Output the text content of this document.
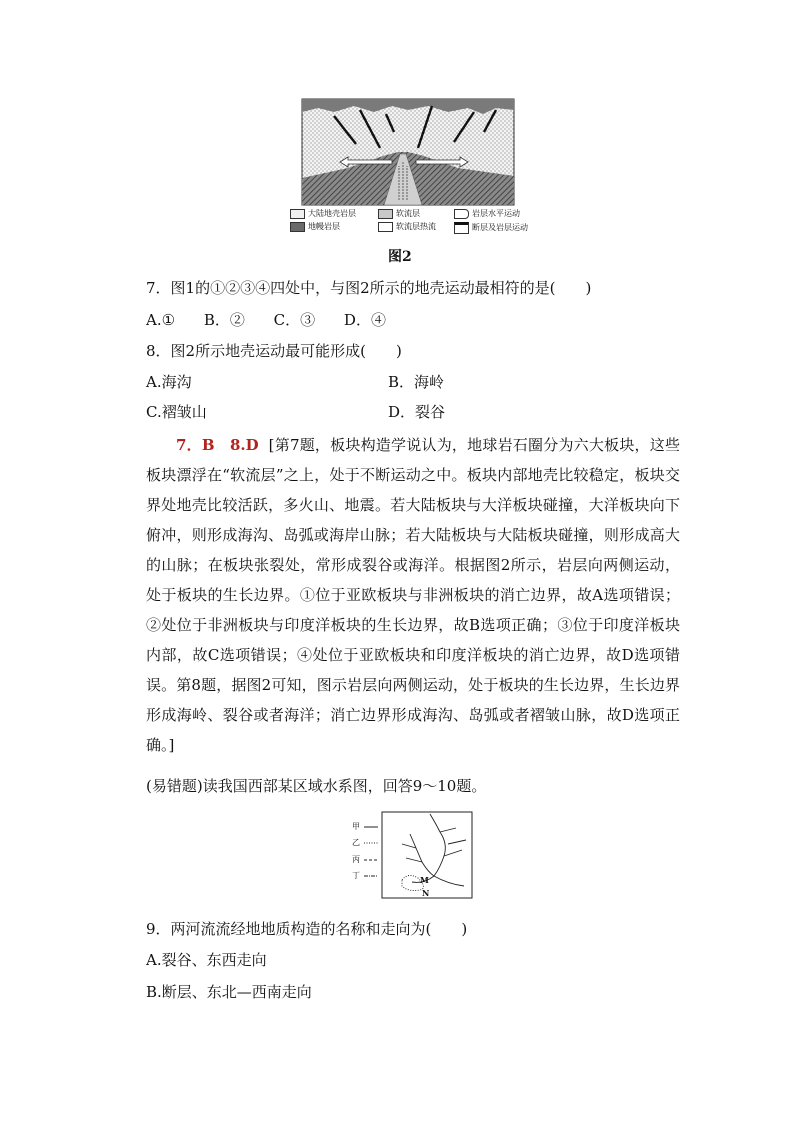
大陆地壳岩层	软流层	岩层水平运动
地幔岩层	软流层热流	断层及岩层运动
图2
7．图1的①②③④四处中，与图2所示的地壳运动最相符的是(　　)
A.① B．② C．③ D．④
8．图2所示地壳运动最可能形成(　　)
A.海沟	B．海岭
C.褶皱山	D．裂谷
7．B　8.D [第7题，板块构造学说认为，地球岩石圈分为六大板块，这些板块漂浮在“软流层”之上，处于不断运动之中。板块内部地壳比较稳定，板块交界处地壳比较活跃，多火山、地震。若大陆板块与大洋板块碰撞，大洋板块向下俯冲，则形成海沟、岛弧或海岸山脉；若大陆板块与大陆板块碰撞，则形成高大的山脉；在板块张裂处，常形成裂谷或海洋。根据图2所示，岩层向两侧运动，处于板块的生长边界。①位于亚欧板块与非洲板块的消亡边界，故A选项错误；②处位于非洲板块与印度洋板块的生长边界，故B选项正确；③位于印度洋板块内部，故C选项错误；④处位于亚欧板块和印度洋板块的消亡边界，故D选项错误。第8题，据图2可知，图示岩层向两侧运动，处于板块的生长边界，生长边界形成海岭、裂谷或者海洋；消亡边界形成海沟、岛弧或者褶皱山脉，故D选项正确。]
(易错题)读我国西部某区域水系图，回答9～10题。
甲
乙
丙
丁	M
N
9．两河流流经地地质构造的名称和走向为(　　)
A.裂谷、东西走向
B.断层、东北—西南走向
